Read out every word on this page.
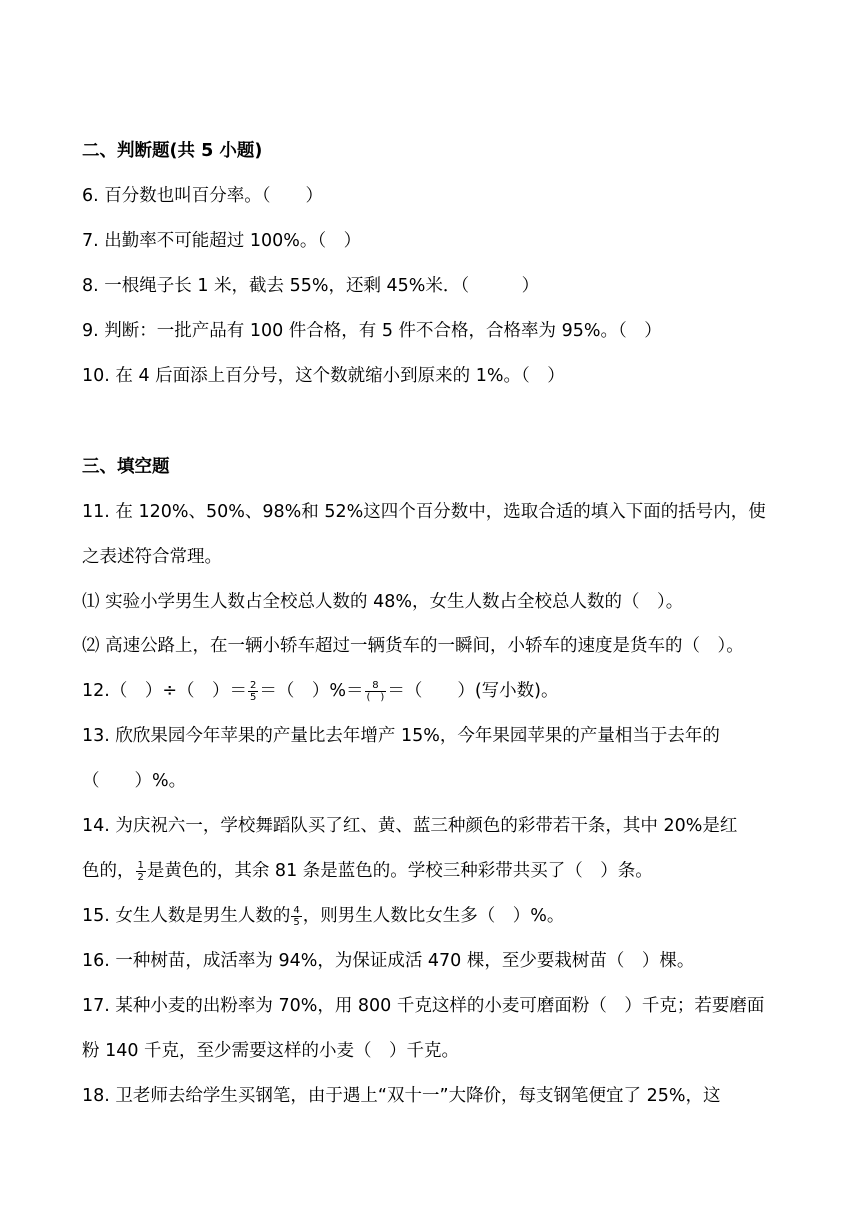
二、判断题(共 5 小题)
6. 百分数也叫百分率。（　　）
7. 出勤率不可能超过 100%。（　）
8. 一根绳子长 1 米，截去 55%，还剩 45%米．（　　　）
9. 判断：一批产品有 100 件合格，有 5 件不合格，合格率为 95%。（　）
10. 在 4 后面添上百分号，这个数就缩小到原来的 1%。（　）
三、填空题
11. 在 120%、50%、98%和 52%这四个百分数中，选取合适的填入下面的括号内，使
之表述符合常理。
⑴ 实验小学男生人数占全校总人数的 48%，女生人数占全校总人数的（　）。
⑵ 高速公路上，在一辆小轿车超过一辆货车的一瞬间，小轿车的速度是货车的（　）。
12.（　）÷（　）＝ $\frac{2}{5}$ ＝（　）%＝ $\frac{8}{( )}$ ＝（　　）(写小数)。
13. 欣欣果园今年苹果的产量比去年增产 15%，今年果园苹果的产量相当于去年的
（　　）%。
14. 为庆祝六一，学校舞蹈队买了红、黄、蓝三种颜色的彩带若干条，其中 20%是红
色的， $\frac{1}{2}$ 是黄色的，其余 81 条是蓝色的。学校三种彩带共买了（　）条。
15. 女生人数是男生人数的 $\frac{4}{5}$ ，则男生人数比女生多（　）%。
16. 一种树苗，成活率为 94%，为保证成活 470 棵，至少要栽树苗（　）棵。
17. 某种小麦的出粉率为 70%，用 800 千克这样的小麦可磨面粉（　）千克；若要磨面
粉 140 千克，至少需要这样的小麦（　）千克。
18. 卫老师去给学生买钢笔，由于遇上“双十一”大降价，每支钢笔便宜了 25%，这
